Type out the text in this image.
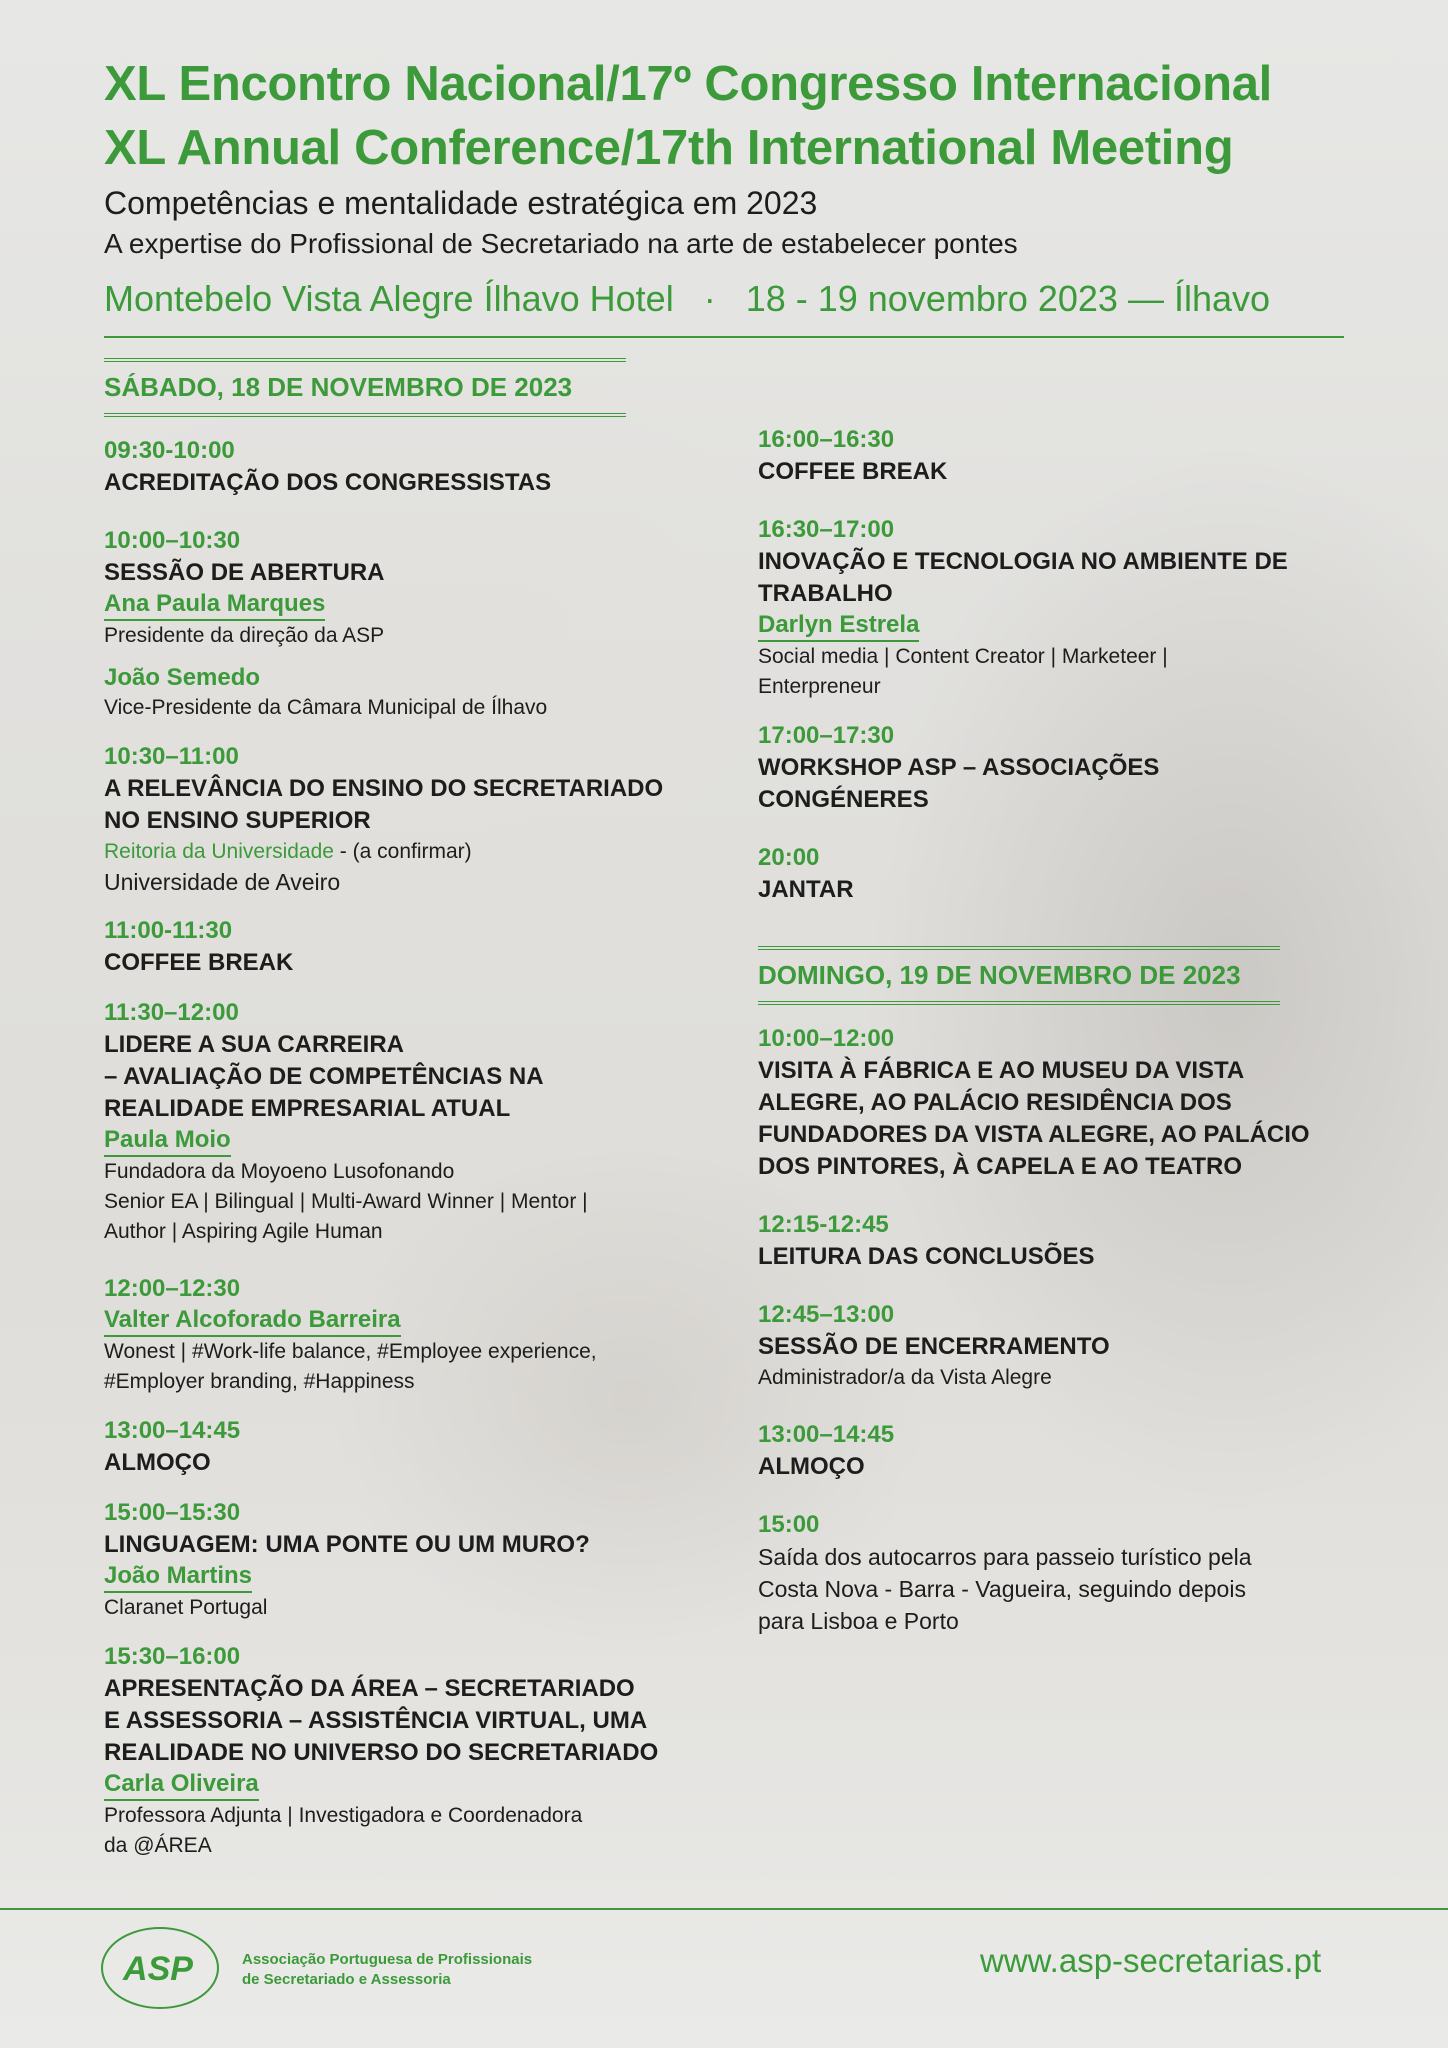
XL Encontro Nacional/17º Congresso Internacional
XL Annual Conference/17th International Meeting
Competências e mentalidade estratégica em 2023
A expertise do Profissional de Secretariado na arte de estabelecer pontes
Montebelo Vista Alegre Ílhavo Hotel · 18 - 19 novembro 2023 — Ílhavo
SÁBADO, 18 DE NOVEMBRO DE 2023
09:30-10:00
ACREDITAÇÃO DOS CONGRESSISTAS
10:00–10:30
SESSÃO DE ABERTURA
Ana Paula Marques
Presidente da direção da ASP
João Semedo
Vice-Presidente da Câmara Municipal de Ílhavo
10:30–11:00
A RELEVÂNCIA DO ENSINO DO SECRETARIADO
NO ENSINO SUPERIOR
Reitoria da Universidade - (a confirmar)
Universidade de Aveiro
11:00-11:30
COFFEE BREAK
11:30–12:00
LIDERE A SUA CARREIRA
– AVALIAÇÃO DE COMPETÊNCIAS NA
REALIDADE EMPRESARIAL ATUAL
Paula Moio
Fundadora da Moyoeno Lusofonando
Senior EA | Bilingual | Multi-Award Winner | Mentor |
Author | Aspiring Agile Human
12:00–12:30
Valter Alcoforado Barreira
Wonest | #Work-life balance, #Employee experience,
#Employer branding, #Happiness
13:00–14:45
ALMOÇO
15:00–15:30
LINGUAGEM: UMA PONTE OU UM MURO?
João Martins
Claranet Portugal
15:30–16:00
APRESENTAÇÃO DA ÁREA – SECRETARIADO
E ASSESSORIA – ASSISTÊNCIA VIRTUAL, UMA
REALIDADE NO UNIVERSO DO SECRETARIADO
Carla Oliveira
Professora Adjunta | Investigadora e Coordenadora
da @ÁREA
16:00–16:30
COFFEE BREAK
16:30–17:00
INOVAÇÃO E TECNOLOGIA NO AMBIENTE DE
TRABALHO
Darlyn Estrela
Social media | Content Creator | Marketeer |
Enterpreneur
17:00–17:30
WORKSHOP ASP – ASSOCIAÇÕES
CONGÉNERES
20:00
JANTAR
DOMINGO, 19 DE NOVEMBRO DE 2023
10:00–12:00
VISITA À FÁBRICA E AO MUSEU DA VISTA
ALEGRE, AO PALÁCIO RESIDÊNCIA DOS
FUNDADORES DA VISTA ALEGRE, AO PALÁCIO
DOS PINTORES, À CAPELA E AO TEATRO
12:15-12:45
LEITURA DAS CONCLUSÕES
12:45–13:00
SESSÃO DE ENCERRAMENTO
Administrador/a da Vista Alegre
13:00–14:45
ALMOÇO
15:00
Saída dos autocarros para passeio turístico pela
Costa Nova - Barra - Vagueira, seguindo depois
para Lisboa e Porto
ASP	Associação Portuguesa de Profissionais
de Secretariado e Assessoria
www.asp-secretarias.pt
